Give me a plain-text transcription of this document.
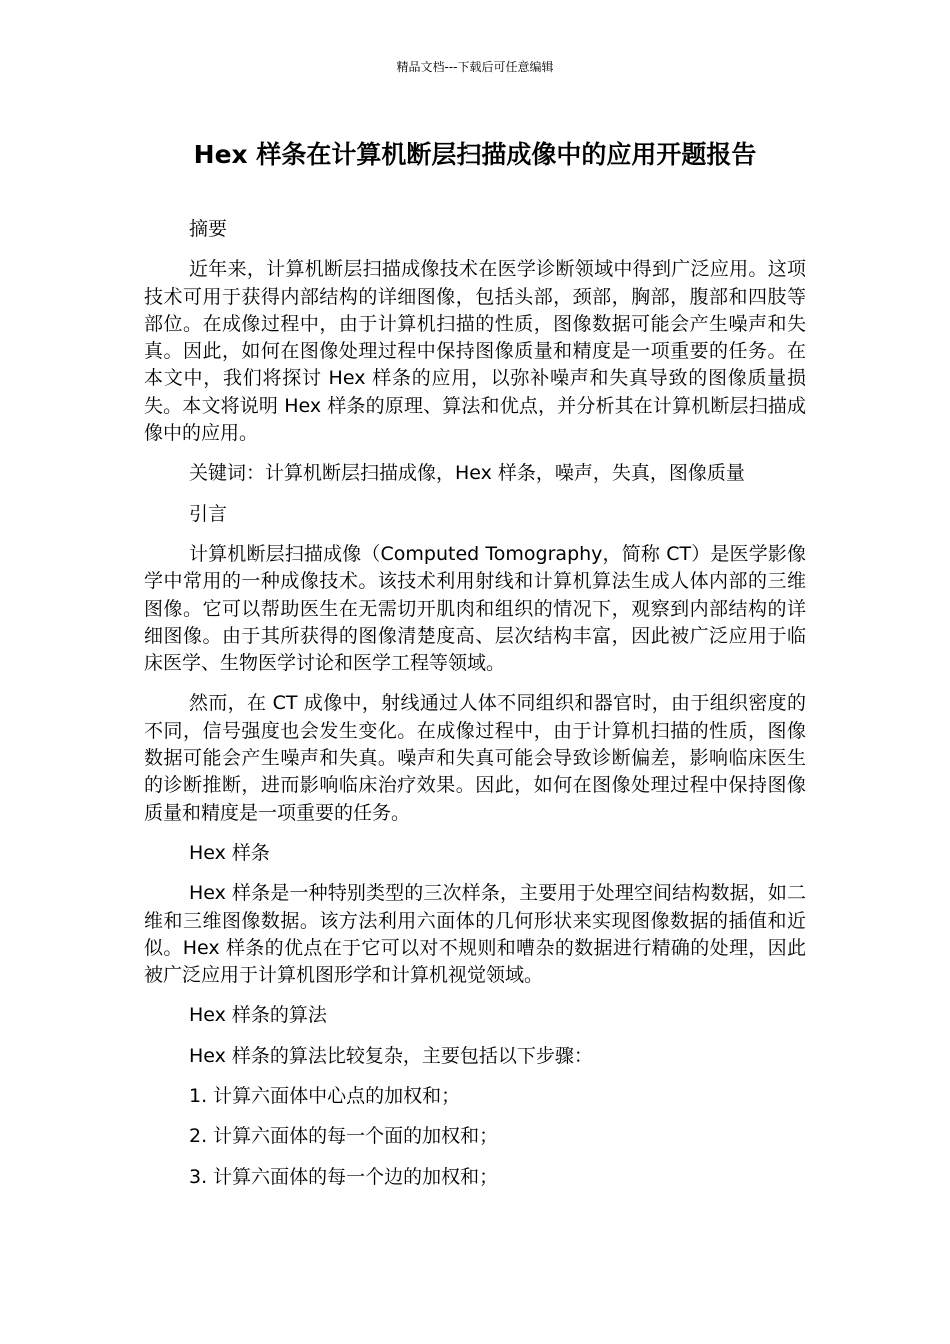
精品文档---下载后可任意编辑
Hex 样条在计算机断层扫描成像中的应用开题报告

摘要

近年来，计算机断层扫描成像技术在医学诊断领域中得到广泛应用。这项技术可用于获得内部结构的详细图像，包括头部，颈部，胸部，腹部和四肢等部位。在成像过程中，由于计算机扫描的性质，图像数据可能会产生噪声和失真。因此，如何在图像处理过程中保持图像质量和精度是一项重要的任务。在本文中，我们将探讨 Hex 样条的应用，以弥补噪声和失真导致的图像质量损失。本文将说明 Hex 样条的原理、算法和优点，并分析其在计算机断层扫描成像中的应用。

关键词：计算机断层扫描成像，Hex 样条，噪声，失真，图像质量

引言

计算机断层扫描成像（Computed Tomography，简称 CT）是医学影像学中常用的一种成像技术。该技术利用射线和计算机算法生成人体内部的三维图像。它可以帮助医生在无需切开肌肉和组织的情况下，观察到内部结构的详细图像。由于其所获得的图像清楚度高、层次结构丰富，因此被广泛应用于临床医学、生物医学讨论和医学工程等领域。

然而，在 CT 成像中，射线通过人体不同组织和器官时，由于组织密度的不同，信号强度也会发生变化。在成像过程中，由于计算机扫描的性质，图像数据可能会产生噪声和失真。噪声和失真可能会导致诊断偏差，影响临床医生的诊断推断，进而影响临床治疗效果。因此，如何在图像处理过程中保持图像质量和精度是一项重要的任务。

Hex 样条

Hex 样条是一种特别类型的三次样条，主要用于处理空间结构数据，如二维和三维图像数据。该方法利用六面体的几何形状来实现图像数据的插值和近似。Hex 样条的优点在于它可以对不规则和嘈杂的数据进行精确的处理，因此被广泛应用于计算机图形学和计算机视觉领域。

Hex 样条的算法

Hex 样条的算法比较复杂，主要包括以下步骤：

1. 计算六面体中心点的加权和；

2. 计算六面体的每一个面的加权和；

3. 计算六面体的每一个边的加权和；
